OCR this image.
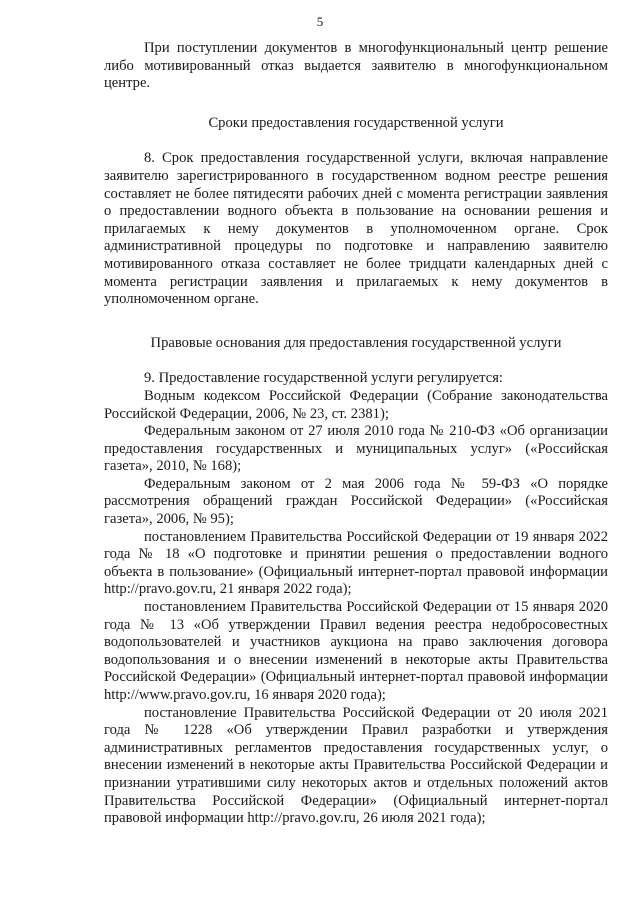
5

При поступлении документов в многофункциональный центр решение либо мотивированный отказ выдается заявителю в многофункциональном центре.

Сроки предоставления государственной услуги

8. Срок предоставления государственной услуги, включая направление заявителю зарегистрированного в государственном водном реестре решения составляет не более пятидесяти рабочих дней с момента регистрации заявления о предоставлении водного объекта в пользование на основании решения и прилагаемых к нему документов в уполномоченном органе. Срок административной процедуры по подготовке и направлению заявителю мотивированного отказа составляет не более тридцати календарных дней с момента регистрации заявления и прилагаемых к нему документов в уполномоченном органе.

Правовые основания для предоставления государственной услуги

9. Предоставление государственной услуги регулируется:

Водным кодексом Российской Федерации (Собрание законодательства Российской Федерации, 2006, № 23, ст. 2381);

Федеральным законом от 27 июля 2010 года № 210-ФЗ «Об организации предоставления государственных и муниципальных услуг» («Российская газета», 2010, № 168);

Федеральным законом от 2 мая 2006 года № 59-ФЗ «О порядке рассмотрения обращений граждан Российской Федерации» («Российская газета», 2006, № 95);

постановлением Правительства Российской Федерации от 19 января 2022 года № 18 «О подготовке и принятии решения о предоставлении водного объекта в пользование» (Официальный интернет-портал правовой информации http://pravo.gov.ru, 21 января 2022 года);

постановлением Правительства Российской Федерации от 15 января 2020 года № 13 «Об утверждении Правил ведения реестра недобросовестных водопользователей и участников аукциона на право заключения договора водопользования и о внесении изменений в некоторые акты Правительства Российской Федерации» (Официальный интернет-портал правовой информации http://www.pravo.gov.ru, 16 января 2020 года);

постановление Правительства Российской Федерации от 20 июля 2021 года № 1228 «Об утверждении Правил разработки и утверждения административных регламентов предоставления государственных услуг, о внесении изменений в некоторые акты Правительства Российской Федерации и признании утратившими силу некоторых актов и отдельных положений актов Правительства Российской Федерации» (Официальный интернет-портал правовой информации http://pravo.gov.ru, 26 июля 2021 года);
